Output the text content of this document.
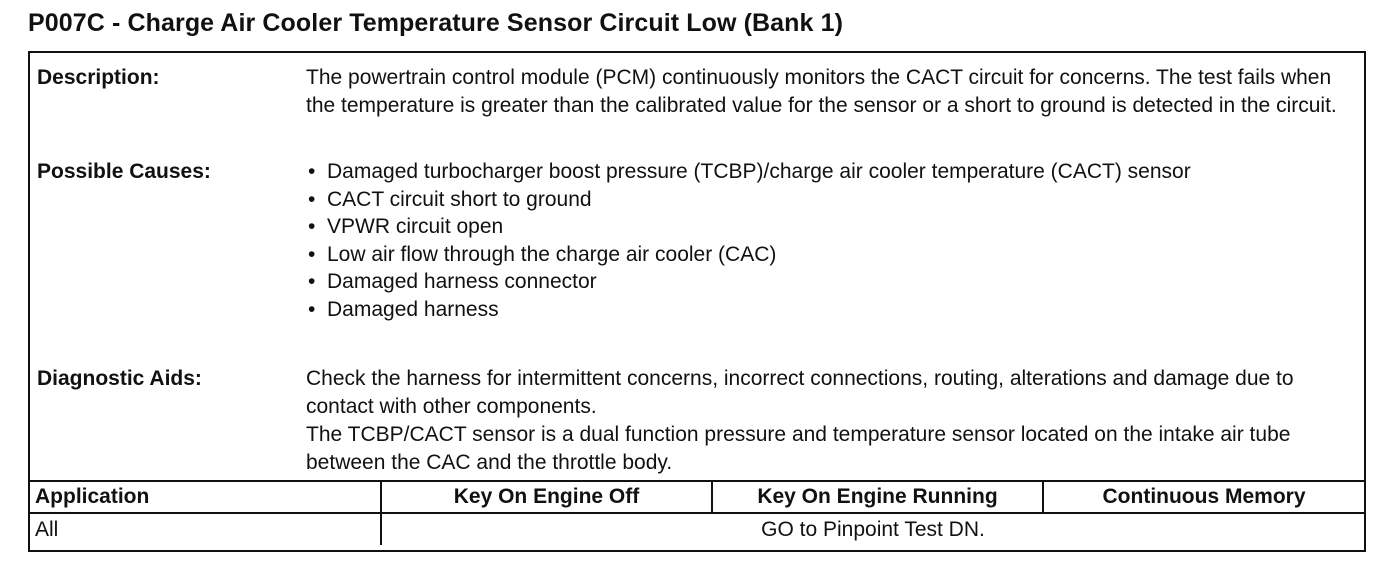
P007C - Charge Air Cooler Temperature Sensor Circuit Low (Bank 1)
Description:	The powertrain control module (PCM) continuously monitors the CACT circuit for concerns. The test fails when the temperature is greater than the calibrated value for the sensor or a short to ground is detected in the circuit.
Possible Causes:	• Damaged turbocharger boost pressure (TCBP)/charge air cooler temperature (CACT) sensor
• CACT circuit short to ground
• VPWR circuit open
• Low air flow through the charge air cooler (CAC)
• Damaged harness connector
• Damaged harness
Diagnostic Aids:	Check the harness for intermittent concerns, incorrect connections, routing, alterations and damage due to contact with other components.

The TCBP/CACT sensor is a dual function pressure and temperature sensor located on the intake air tube between the CAC and the throttle body.

Application	Key On Engine Off	Key On Engine Running	Continuous Memory
All	GO to Pinpoint Test DN.		
